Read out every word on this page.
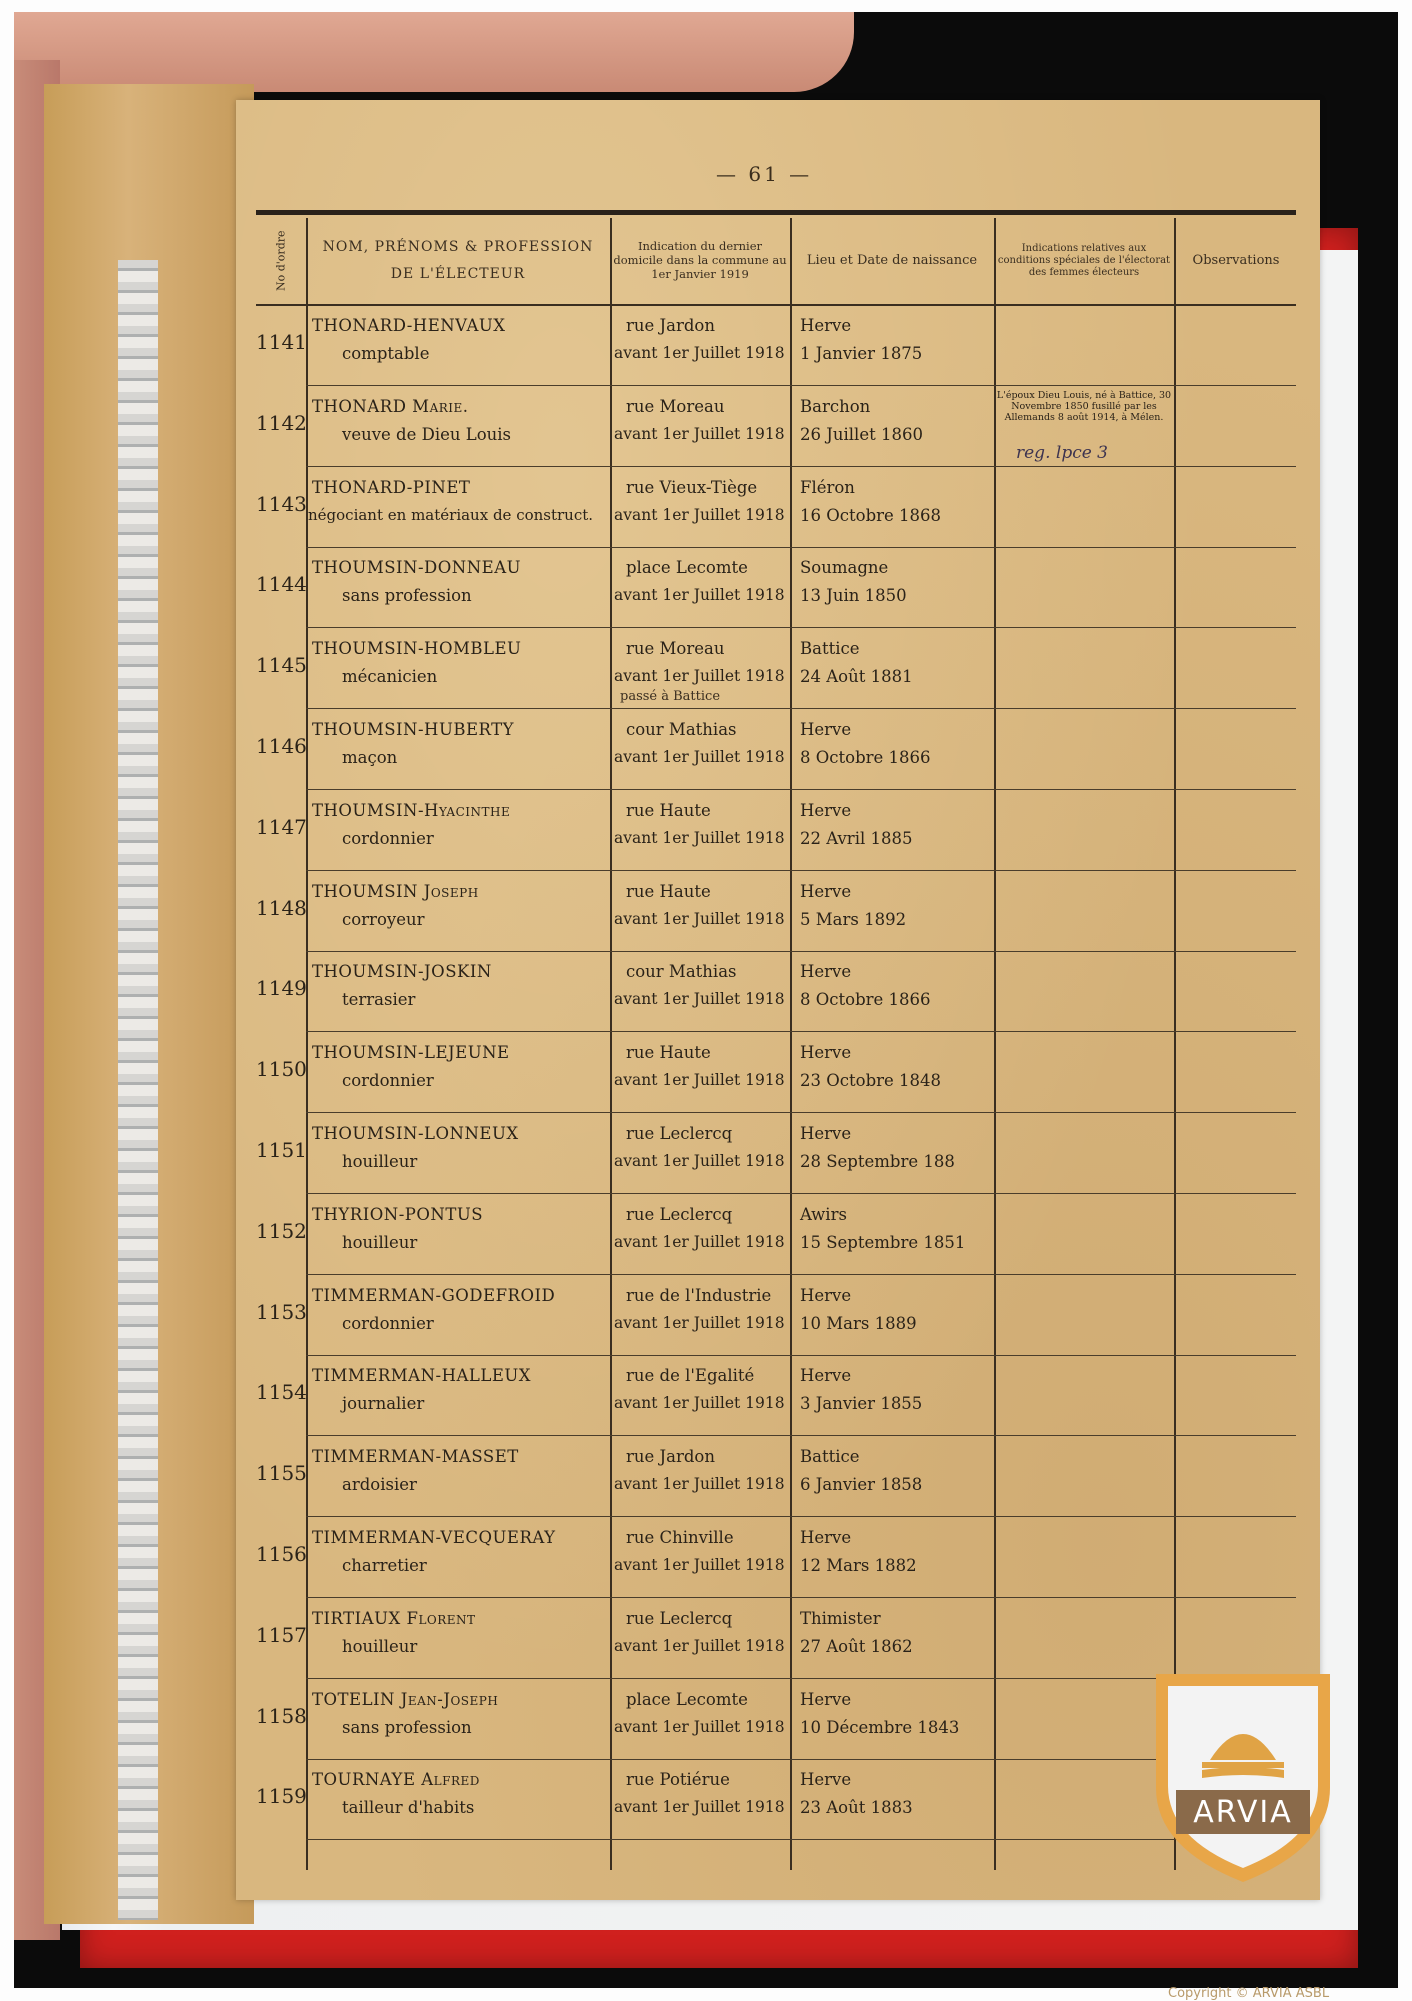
— 61 —
No d'ordre	NOM, PRÉNOMS & PROFESSION
DE L'ÉLECTEUR
Indication du dernier domicile dans la commune au 1er Janvier 1919
Lieu et Date de naissance
Indications relatives aux conditions spéciales de l'électorat des femmes électeurs
Observations
1141
THONARD-HENVAUX
comptable
rue Jardon
avant 1er Juillet 1918
Herve
1 Janvier 1875
1142
THONARD Marie.
veuve de Dieu Louis
rue Moreau
avant 1er Juillet 1918
Barchon
26 Juillet 1860
L'époux Dieu Louis, né à Battice, 30 Novembre 1850 fusillé par les Allemands 8 août 1914, à Mélen.
reg. lpce 3
1143
THONARD-PINET
négociant en matériaux de construct.
rue Vieux-Tiège
avant 1er Juillet 1918
Fléron
16 Octobre 1868
1144
THOUMSIN-DONNEAU
sans profession
place Lecomte
avant 1er Juillet 1918
Soumagne
13 Juin 1850
1145
THOUMSIN-HOMBLEU
mécanicien
rue Moreau
avant 1er Juillet 1918
passé à Battice
Battice
24 Août 1881
1146
THOUMSIN-HUBERTY
maçon
cour Mathias
avant 1er Juillet 1918
Herve
8 Octobre 1866
1147
THOUMSIN-Hyacinthe
cordonnier
rue Haute
avant 1er Juillet 1918
Herve
22 Avril 1885
1148
THOUMSIN Joseph
corroyeur
rue Haute
avant 1er Juillet 1918
Herve
5 Mars 1892
1149
THOUMSIN-JOSKIN
terrasier
cour Mathias
avant 1er Juillet 1918
Herve
8 Octobre 1866
1150
THOUMSIN-LEJEUNE
cordonnier
rue Haute
avant 1er Juillet 1918
Herve
23 Octobre 1848
1151
THOUMSIN-LONNEUX
houilleur
rue Leclercq
avant 1er Juillet 1918
Herve
28 Septembre 188
1152
THYRION-PONTUS
houilleur
rue Leclercq
avant 1er Juillet 1918
Awirs
15 Septembre 1851
1153
TIMMERMAN-GODEFROID
cordonnier
rue de l'Industrie
avant 1er Juillet 1918
Herve
10 Mars 1889
1154
TIMMERMAN-HALLEUX
journalier
rue de l'Egalité
avant 1er Juillet 1918
Herve
3 Janvier 1855
1155
TIMMERMAN-MASSET
ardoisier
rue Jardon
avant 1er Juillet 1918
Battice
6 Janvier 1858
1156
TIMMERMAN-VECQUERAY
charretier
rue Chinville
avant 1er Juillet 1918
Herve
12 Mars 1882
1157
TIRTIAUX Florent
houilleur
rue Leclercq
avant 1er Juillet 1918
Thimister
27 Août 1862
1158
TOTELIN Jean-Joseph
sans profession
place Lecomte
avant 1er Juillet 1918
Herve
10 Décembre 1843
1159
TOURNAYE Alfred
tailleur d'habits
rue Potiérue
avant 1er Juillet 1918
Herve
23 Août 1883	ARVIA
Copyright © ARVIA ASBL
